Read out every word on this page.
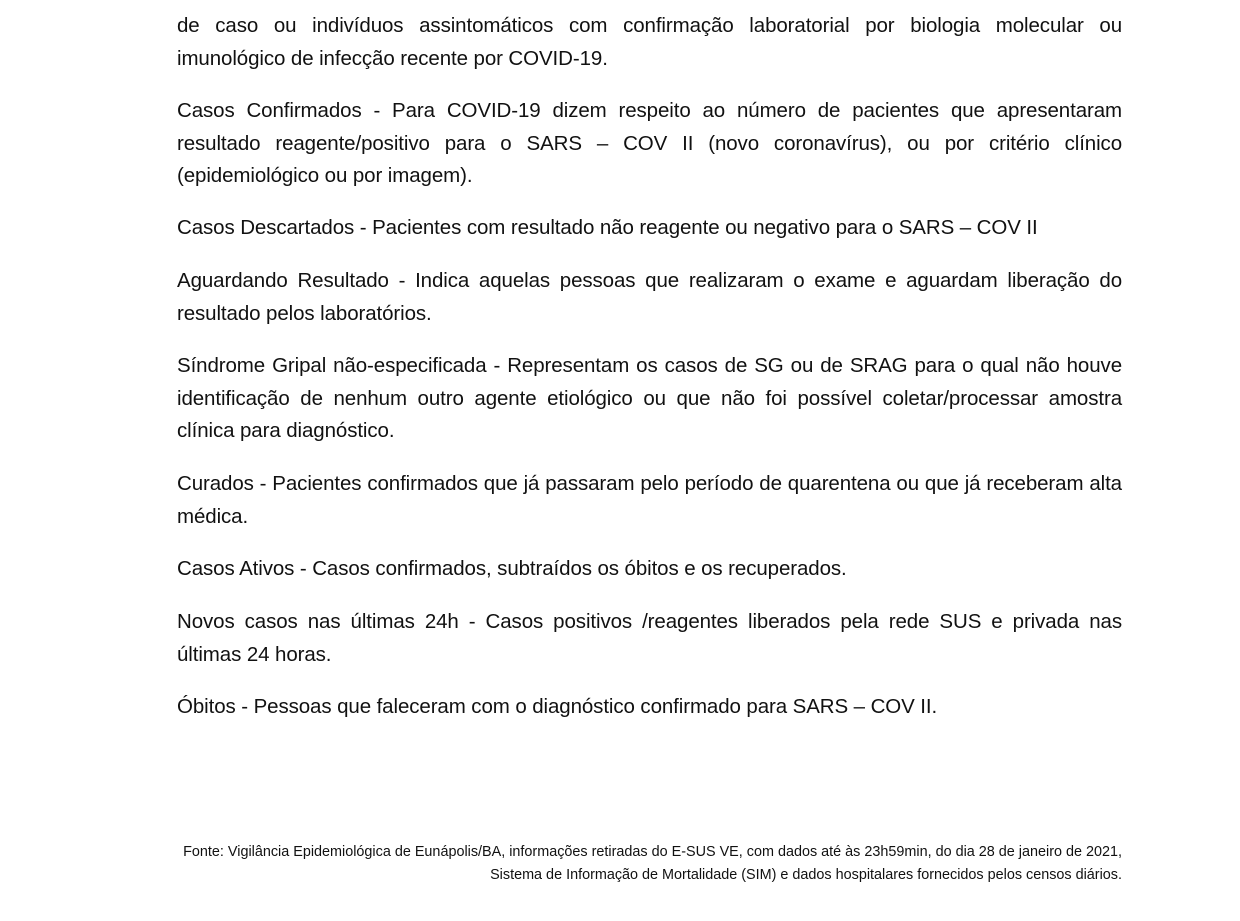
de caso ou indivíduos assintomáticos com confirmação laboratorial por biologia molecular ou imunológico de infecção recente por COVID-19.

Casos Confirmados - Para COVID-19 dizem respeito ao número de pacientes que apresentaram resultado reagente/positivo para o SARS – COV II (novo coronavírus), ou por critério clínico (epidemiológico ou por imagem).

Casos Descartados - Pacientes com resultado não reagente ou negativo para o SARS – COV II

Aguardando Resultado - Indica aquelas pessoas que realizaram o exame e aguardam liberação do resultado pelos laboratórios.

Síndrome Gripal não-especificada - Representam os casos de SG ou de SRAG para o qual não houve identificação de nenhum outro agente etiológico ou que não foi possível coletar/processar amostra clínica para diagnóstico.

Curados - Pacientes confirmados que já passaram pelo período de quarentena ou que já receberam alta médica.

Casos Ativos - Casos confirmados, subtraídos os óbitos e os recuperados.

Novos casos nas últimas 24h - Casos positivos /reagentes liberados pela rede SUS e privada nas últimas 24 horas.

Óbitos - Pessoas que faleceram com o diagnóstico confirmado para SARS – COV II.

Fonte: Vigilância Epidemiológica de Eunápolis/BA, informações retiradas do E-SUS VE, com dados até às 23h59min, do dia 28 de janeiro de 2021, Sistema de Informação de Mortalidade (SIM) e dados hospitalares fornecidos pelos censos diários.
